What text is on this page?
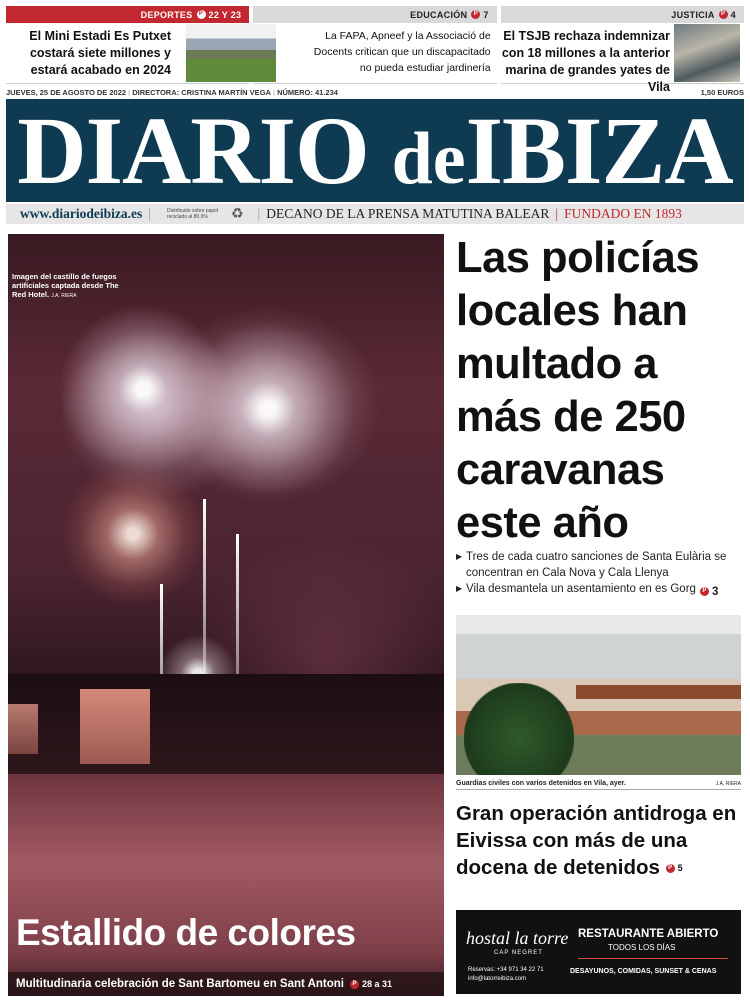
DEPORTES	P 22 Y 23
El Mini Estadi Es Putxet costará siete millones y estará acabado en 2024
EDUCACIÓN	P 7
La FAPA, Apneef y la Associació de Docents critican que un discapacitado no pueda estudiar jardinería
JUSTICIA	P 4
El TSJB rechaza indemnizar con 18 millones a la anterior marina de grandes yates de Vila
JUEVES, 25 DE AGOSTO DE 2022 | DIRECTORA: CRISTINA MARTÍN VEGA | NÚMERO: 41.234	1,50 EUROS
DIARIO deIBIZA
www.diariodeibiza.es |	Distribuido sobre papel reciclado al 80,9%	♻ | DECANO DE LA PRENSA MATUTINA BALEAR | FUNDADO EN 1893
Imagen del castillo de fuegos artificiales captada desde The Red Hotel. J.A. RIERA
Estallido de colores
Multitudinaria celebración de Sant Bartomeu en Sant Antoni	P 28 a 31
Las policías locales han multado a más de 250 caravanas este año
▶ Tres de cada cuatro sanciones de Santa Eulària se concentran en Cala Nova y Cala Llenya
▶ Vila desmantela un asentamiento en es Gorg	P 3
Guardias civiles con varios detenidos en Vila, ayer.	J.A. RIERA
Gran operación antidroga en Eivissa con más de una docena de detenidos	P 5
hostal la torre
CAP NEGRET
RESTAURANTE ABIERTO
TODOS LOS DÍAS
Reservas: +34 971 34 22 71
info@latorreibiza.com
DESAYUNOS, COMIDAS, SUNSET & CENAS
